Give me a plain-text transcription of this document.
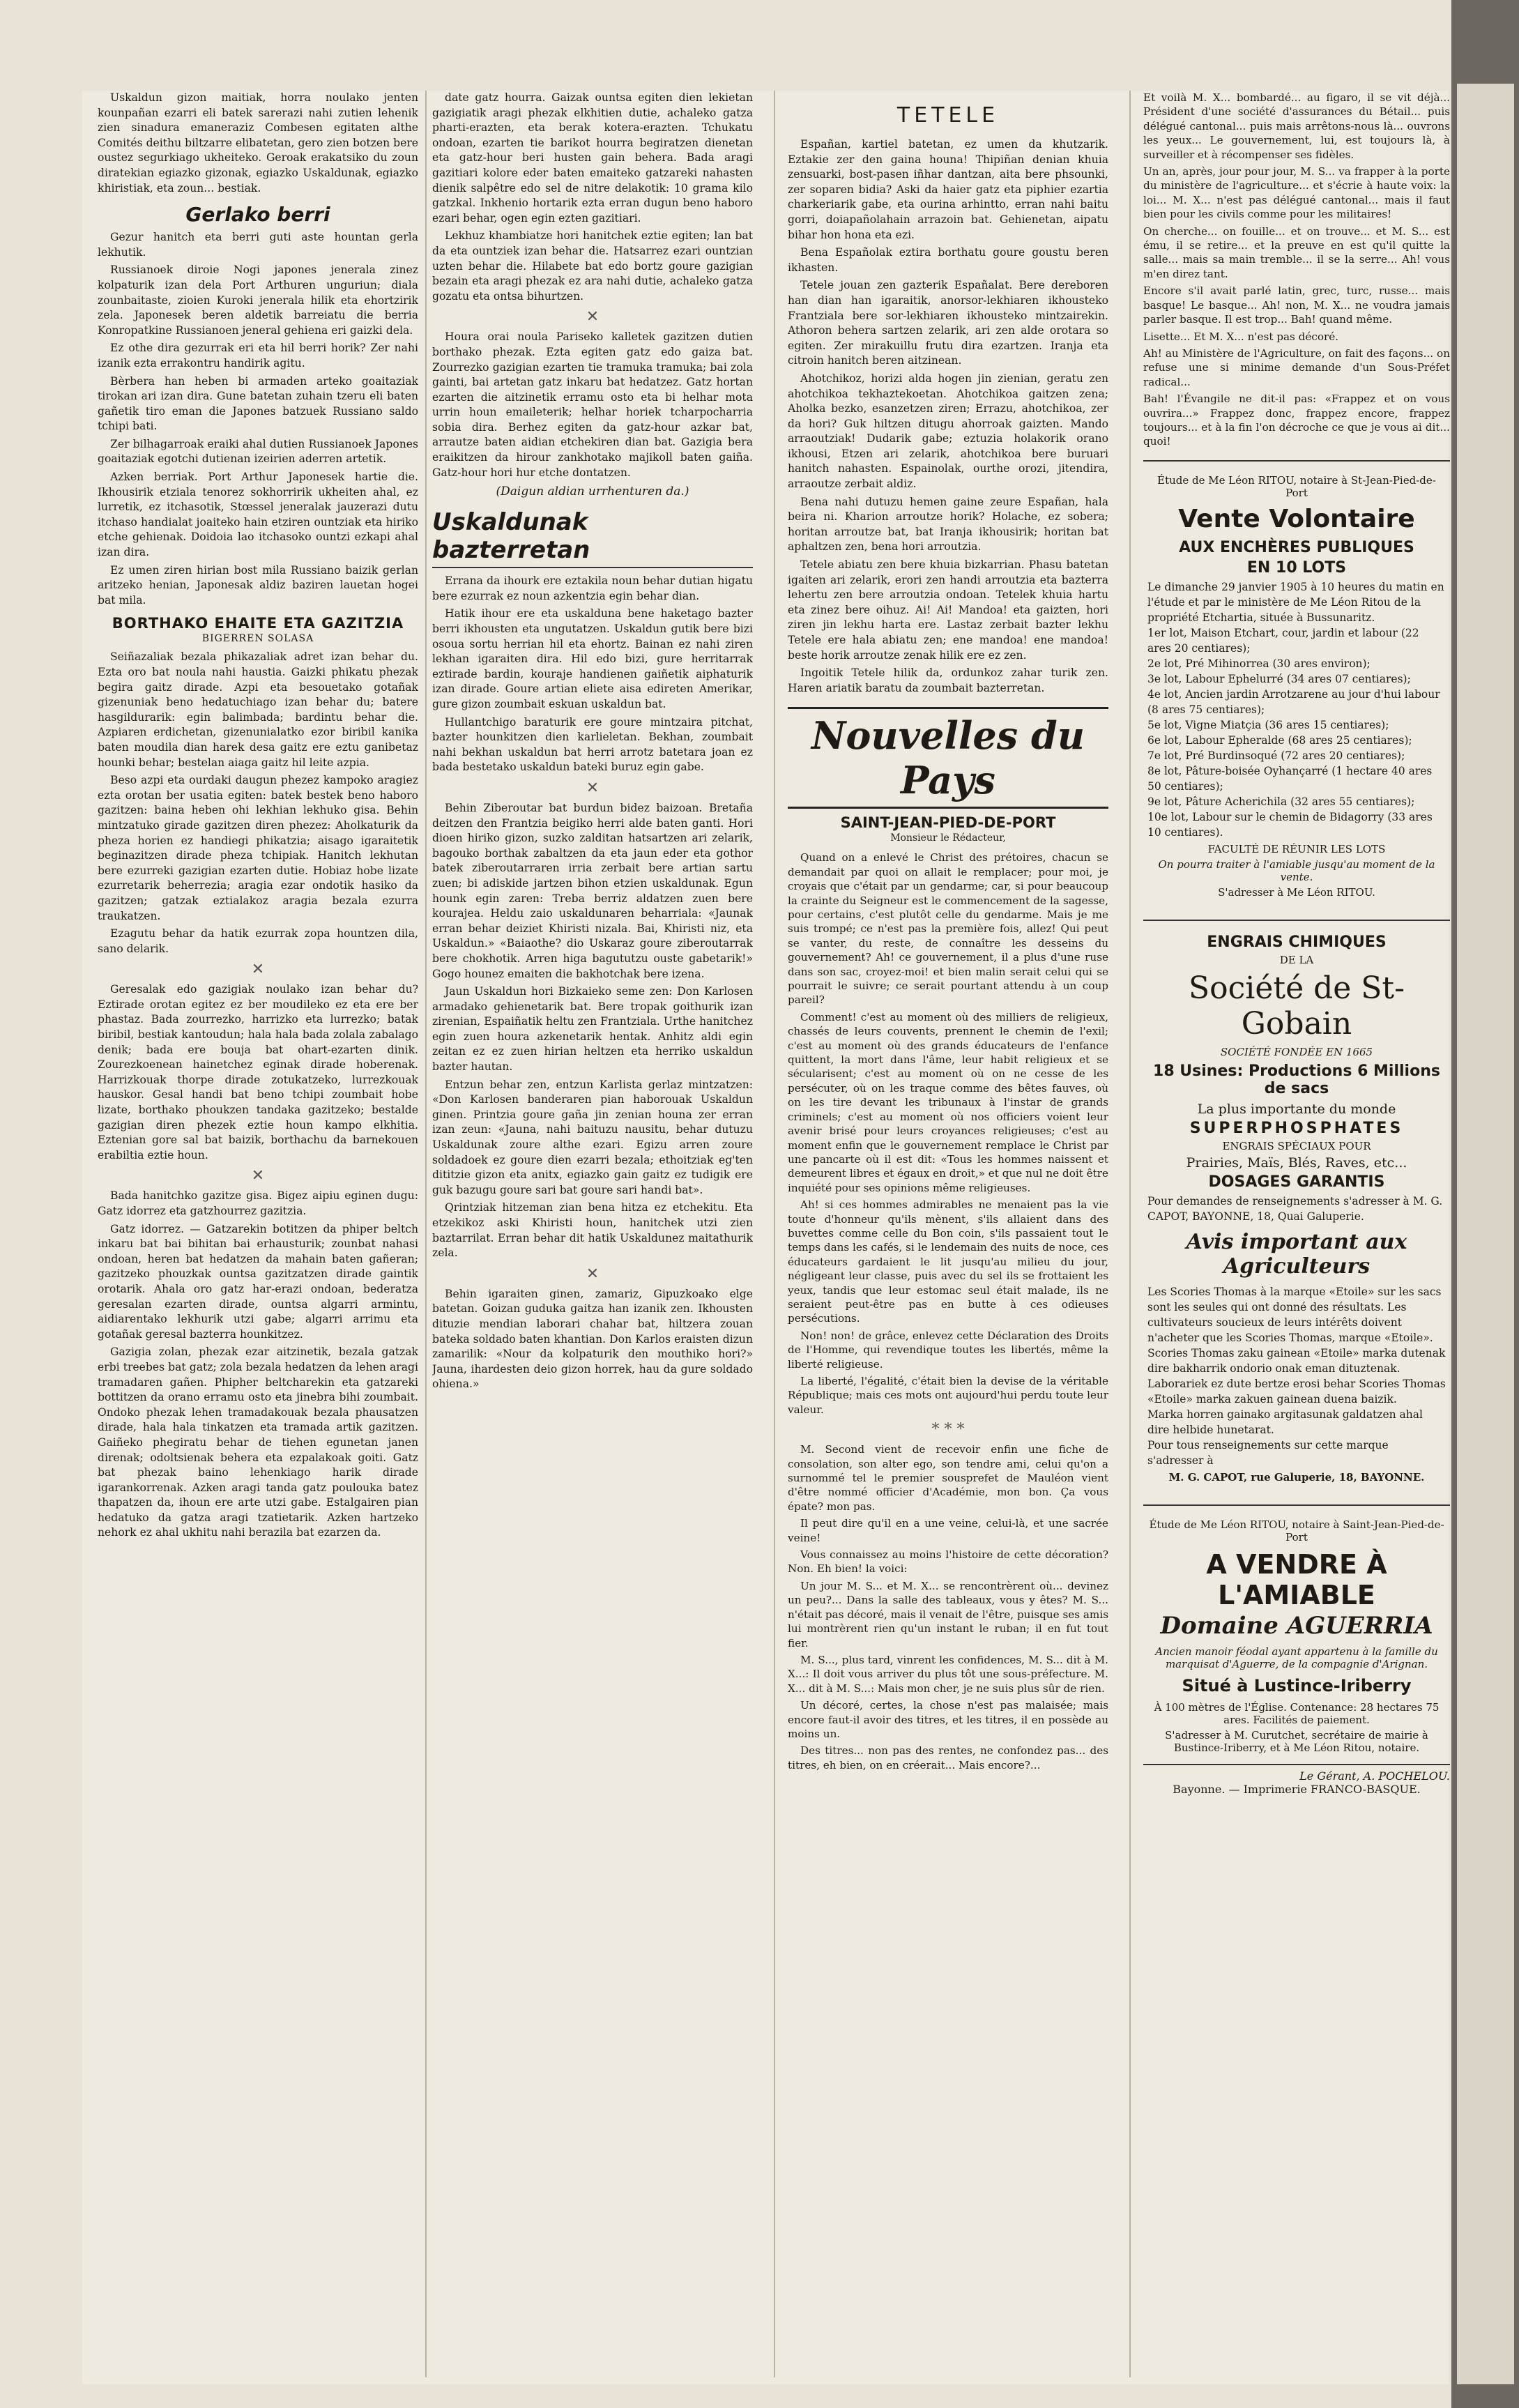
Uskaldun gizon maitiak, horra noulako jenten kounpañan ezarri eli batek sarerazi nahi zutien lehenik zien sinadura emaneraziz Combesen egitaten althe Comités deithu biltzarre elibatetan, gero zien botzen bere oustez segurkiago ukheiteko. Geroak erakatsiko du zoun diratekian egiazko gizonak, egiazko Uskaldunak, egiazko khiristiak, eta zoun... bestiak.

Gerlako berri

Gezur hanitch eta berri guti aste hountan gerla lekhutik.

Russianoek diroie Nogi japones jenerala zinez kolpaturik izan dela Port Arthuren unguriun; diala zounbaitaste, zioien Kuroki jenerala hilik eta ehortzirik zela. Japonesek beren aldetik barreiatu die berria Konropatkine Russianoen jeneral gehiena eri gaizki dela.

Ez othe dira gezurrak eri eta hil berri horik? Zer nahi izanik ezta errakontru handirik agitu.

Bèrbera han heben bi armaden arteko goaitaziak tirokan ari izan dira. Gune batetan zuhain tzeru eli baten gañetik tiro eman die Japones batzuek Russiano saldo tchipi bati.

Zer bilhagarroak eraiki ahal dutien Russianoek Japones goaitaziak egotchi dutienan izeirien aderren artetik.

Azken berriak. Port Arthur Japonesek hartie die. Ikhousirik etziala tenorez sokhorririk ukheiten ahal, ez lurretik, ez itchasotik, Stœssel jeneralak jauzerazi dutu itchaso handialat joaiteko hain etziren ountziak eta hiriko etche gehienak. Doidoia lao itchasoko ountzi ezkapi ahal izan dira.

Ez umen ziren hirian bost mila Russiano baizik gerlan aritzeko henian, Japonesak aldiz baziren lauetan hogei bat mila.

BORTHAKO EHAITE ETA GAZITZIA
BIGERREN SOLASA

Seiñazaliak bezala phikazaliak adret izan behar du. Ezta oro bat noula nahi haustia. Gaizki phikatu phezak begira gaitz dirade. Azpi eta besouetako gotañak gizenuniak beno hedatuchiago izan behar du; batere hasgildurarik: egin balimbada; bardintu behar die. Azpiaren erdichetan, gizenunialatko ezor biribil kanika baten moudila dian harek desa gaitz ere eztu ganibetaz hounki behar; bestelan aiaga gaitz hil leite azpia.

Beso azpi eta ourdaki daugun phezez kampoko aragiez ezta orotan ber usatia egiten: batek bestek beno haboro gazitzen: baina heben ohi lekhian lekhuko gisa. Behin mintzatuko girade gazitzen diren phezez: Aholkaturik da pheza horien ez handiegi phikatzia; aisago igaraitetik beginazitzen dirade pheza tchipiak. Hanitch lekhutan bere ezurreki gazigian ezarten dutie. Hobiaz hobe lizate ezurretarik beherrezia; aragia ezar ondotik hasiko da gazitzen; gatzak eztialakoz aragia bezala ezurra traukatzen.

Ezagutu behar da hatik ezurrak zopa hountzen dila, sano delarik.

✕

Geresalak edo gazigiak noulako izan behar du? Eztirade orotan egitez ez ber moudileko ez eta ere ber phastaz. Bada zourrezko, harrizko eta lurrezko; batak biribil, bestiak kantoudun; hala hala bada zolala zabalago denik; bada ere bouja bat ohart-ezarten dinik. Zourezkoenean hainetchez eginak dirade hoberenak. Harrizkouak thorpe dirade zotukatzeko, lurrezkouak hauskor. Gesal handi bat beno tchipi zoumbait hobe lizate, borthako phoukzen tandaka gazitzeko; bestalde gazigian diren phezek eztie houn kampo elkhitia. Eztenian gore sal bat baizik, borthachu da barnekouen erabiltia eztie houn.

✕

Bada hanitchko gazitze gisa. Bigez aipiu eginen dugu: Gatz idorrez eta gatzhourrez gazitzia.

Gatz idorrez. — Gatzarekin botitzen da phiper beltch inkaru bat bai bihitan bai erhausturik; zounbat nahasi ondoan, heren bat hedatzen da mahain baten gañeran; gazitzeko phouzkak ountsa gazitzatzen dirade gaintik orotarik. Ahala oro gatz har-erazi ondoan, bederatza geresalan ezarten dirade, ountsa algarri armintu, aidiarentako lekhurik utzi gabe; algarri arrimu eta gotañak geresal bazterra hounkitzez.

Gazigia zolan, phezak ezar aitzinetik, bezala gatzak erbi treebes bat gatz; zola bezala hedatzen da lehen aragi tramadaren gañen. Phipher beltcharekin eta gatzareki bottitzen da orano erramu osto eta jinebra bihi zoumbait. Ondoko phezak lehen tramadakouak bezala phausatzen dirade, hala hala tinkatzen eta tramada artik gazitzen. Gaiñeko phegiratu behar de tiehen egunetan janen direnak; odoltsienak behera eta ezpalakoak goiti. Gatz bat phezak baino lehenkiago harik dirade igarankorrenak. Azken aragi tanda gatz poulouka batez thapatzen da, ihoun ere arte utzi gabe. Estalgairen pian hedatuko da gatza aragi tzatietarik. Azken hartzeko nehork ez ahal ukhitu nahi berazila bat ezarzen da.

date gatz hourra. Gaizak ountsa egiten dien lekietan gazigiatik aragi phezak elkhitien dutie, achaleko gatza pharti-erazten, eta berak kotera-erazten. Tchukatu ondoan, ezarten tie barikot hourra begiratzen dienetan eta gatz-hour beri husten gain behera. Bada aragi gazitiari kolore eder baten emaiteko gatzareki nahasten dienik salpêtre edo sel de nitre delakotik: 10 grama kilo gatzkal. Inkhenio hortarik ezta erran dugun beno haboro ezari behar, ogen egin ezten gazitiari.

Lekhuz khambiatze hori hanitchek eztie egiten; lan bat da eta ountziek izan behar die. Hatsarrez ezari ountzian uzten behar die. Hilabete bat edo bortz goure gazigian bezain eta aragi phezak ez ara nahi dutie, achaleko gatza gozatu eta ontsa bihurtzen.

✕

Houra orai noula Pariseko kalletek gazitzen dutien borthako phezak. Ezta egiten gatz edo gaiza bat. Zourrezko gazigian ezarten tie tramuka tramuka; bai zola gainti, bai artetan gatz inkaru bat hedatzez. Gatz hortan ezarten die aitzinetik erramu osto eta bi helhar mota urrin houn emaileterik; helhar horiek tcharpocharria sobia dira. Berhez egiten da gatz-hour azkar bat, arrautze baten aidian etchekiren dian bat. Gazigia bera eraikitzen da hirour zankhotako majikoll baten gaiña. Gatz-hour hori hur etche dontatzen.

(Daigun aldian urrhenturen da.)
Uskaldunak bazterretan

Errana da ihourk ere eztakila noun behar dutian higatu bere ezurrak ez noun azkentzia egin behar dian.

Hatik ihour ere eta uskalduna bene haketago bazter berri ikhousten eta ungutatzen. Uskaldun gutik bere bizi osoua sortu herrian hil eta ehortz. Bainan ez nahi ziren lekhan igaraiten dira. Hil edo bizi, gure herritarrak eztirade bardin, kouraje handienen gaiñetik aiphaturik izan dirade. Goure artian eliete aisa edireten Amerikar, gure gizon zoumbait eskuan uskaldun bat.

Hullantchigo baraturik ere goure mintzaira pitchat, bazter hounkitzen dien karlieletan. Bekhan, zoumbait nahi bekhan uskaldun bat herri arrotz batetara joan ez bada bestetako uskaldun bateki buruz egin gabe.

✕

Behin Ziberoutar bat burdun bidez baizoan. Bretaña deitzen den Frantzia beigiko herri alde baten ganti. Hori dioen hiriko gizon, suzko zalditan hatsartzen ari zelarik, bagouko borthak zabaltzen da eta jaun eder eta gothor batek ziberoutarraren irria zerbait bere artian sartu zuen; bi adiskide jartzen bihon etzien uskaldunak. Egun hounk egin zaren: Treba berriz aldatzen zuen bere kourajea. Heldu zaio uskaldunaren beharriala: «Jaunak erran behar deiziet Khiristi nizala. Bai, Khiristi niz, eta Uskaldun.» «Baiaothe? dio Uskaraz goure ziberoutarrak bere chokhotik. Arren higa bagututzu ouste gabetarik!» Gogo hounez emaiten die bakhotchak bere izena.

Jaun Uskaldun hori Bizkaieko seme zen: Don Karlosen armadako gehienetarik bat. Bere tropak goithurik izan zirenian, Espaiñatik heltu zen Frantziala. Urthe hanitchez egin zuen houra azkenetarik hentak. Anhitz aldi egin zeitan ez ez zuen hirian heltzen eta herriko uskaldun bazter hautan.

Entzun behar zen, entzun Karlista gerlaz mintzatzen: «Don Karlosen banderaren pian haborouak Uskaldun ginen. Printzia goure gaña jin zenian houna zer erran izan zeun: «Jauna, nahi baituzu nausitu, behar dutuzu Uskaldunak zoure althe ezari. Egizu arren zoure soldadoek ez goure dien ezarri bezala; ethoitziak eg'ten dititzie gizon eta anitx, egiazko gain gaitz ez tudigik ere guk bazugu goure sari bat goure sari handi bat».

Qrintziak hitzeman zian bena hitza ez etchekitu. Eta etzekikoz aski Khiristi houn, hanitchek utzi zien baztarrilat. Erran behar dit hatik Uskaldunez maitathurik zela.

✕

Behin igaraiten ginen, zamariz, Gipuzkoako elge batetan. Goizan guduka gaitza han izanik zen. Ikhousten dituzie mendian laborari chahar bat, hiltzera zouan bateka soldado baten khantian. Don Karlos eraisten dizun zamarilik: «Nour da kolpaturik den mouthiko hori?» Jauna, ihardesten deio gizon horrek, hau da gure soldado ohiena.»

TETELE

Españan, kartiel batetan, ez umen da khutzarik. Eztakie zer den gaina houna! Thipiñan denian khuia zensuarki, bost-pasen iñhar dantzan, aita bere phsounki, zer soparen bidia? Aski da haier gatz eta piphier ezartia charkeriarik gabe, eta ourina arhintto, erran nahi baitu gorri, doiapañolahain arrazoin bat. Gehienetan, aipatu bihar hon hona eta ezi.

Bena Españolak eztira borthatu goure goustu beren ikhasten.

Tetele jouan zen gazterik Españalat. Bere dereboren han dian han igaraitik, anorsor-lekhiaren ikhousteko Frantziala bere sor-lekhiaren ikhousteko mintzairekin. Athoron behera sartzen zelarik, ari zen alde orotara so egiten. Zer mirakuillu frutu dira ezartzen. Iranja eta citroin hanitch beren aitzinean.

Ahotchikoz, horizi alda hogen jin zienian, geratu zen ahotchikoa tekhaztekoetan. Ahotchikoa gaitzen zena; Aholka bezko, esanzetzen ziren; Errazu, ahotchikoa, zer da hori? Guk hiltzen ditugu ahorroak gaizten. Mando arraoutziak! Dudarik gabe; eztuzia holakorik orano ikhousi, Etzen ari zelarik, ahotchikoa bere buruari hanitch nahasten. Espainolak, ourthe orozi, jitendira, arraoutze zerbait aldiz.

Bena nahi dutuzu hemen gaine zeure Españan, hala beira ni. Kharion arroutze horik? Holache, ez sobera; horitan arroutze bat, bat Iranja ikhousirik; horitan bat aphaltzen zen, bena hori arroutzia.

Tetele abiatu zen bere khuia bizkarrian. Phasu batetan igaiten ari zelarik, erori zen handi arroutzia eta bazterra lehertu zen bere arroutzia ondoan. Tetelek khuia hartu eta zinez bere oihuz. Ai! Ai! Mandoa! eta gaizten, hori ziren jin lekhu harta ere. Lastaz zerbait bazter lekhu Tetele ere hala abiatu zen; ene mandoa! ene mandoa! beste horik arroutze zenak hilik ere ez zen.

Ingoitik Tetele hilik da, ordunkoz zahar turik zen. Haren ariatik baratu da zoumbait bazterretan.

Nouvelles du Pays
SAINT-JEAN-PIED-DE-PORT
Monsieur le Rédacteur,

Quand on a enlevé le Christ des prétoires, chacun se demandait par quoi on allait le remplacer; pour moi, je croyais que c'était par un gendarme; car, si pour beaucoup la crainte du Seigneur est le commencement de la sagesse, pour certains, c'est plutôt celle du gendarme. Mais je me suis trompé; ce n'est pas la première fois, allez! Qui peut se vanter, du reste, de connaître les desseins du gouvernement? Ah! ce gouvernement, il a plus d'une ruse dans son sac, croyez-moi! et bien malin serait celui qui se pourrait le suivre; ce serait pourtant attendu à un coup pareil?

Comment! c'est au moment où des milliers de religieux, chassés de leurs couvents, prennent le chemin de l'exil; c'est au moment où des grands éducateurs de l'enfance quittent, la mort dans l'âme, leur habit religieux et se sécularisent; c'est au moment où on ne cesse de les persécuter, où on les traque comme des bêtes fauves, où on les tire devant les tribunaux à l'instar de grands criminels; c'est au moment où nos officiers voient leur avenir brisé pour leurs croyances religieuses; c'est au moment enfin que le gouvernement remplace le Christ par une pancarte où il est dit: «Tous les hommes naissent et demeurent libres et égaux en droit,» et que nul ne doit être inquiété pour ses opinions même religieuses.

Ah! si ces hommes admirables ne menaient pas la vie toute d'honneur qu'ils mènent, s'ils allaient dans des buvettes comme celle du Bon coin, s'ils passaient tout le temps dans les cafés, si le lendemain des nuits de noce, ces éducateurs gardaient le lit jusqu'au milieu du jour, négligeant leur classe, puis avec du sel ils se frottaient les yeux, tandis que leur estomac seul était malade, ils ne seraient peut-être pas en butte à ces odieuses persécutions.

Non! non! de grâce, enlevez cette Déclaration des Droits de l'Homme, qui revendique toutes les libertés, même la liberté religieuse.

La liberté, l'égalité, c'était bien la devise de la véritable République; mais ces mots ont aujourd'hui perdu toute leur valeur.

* * *

M. Second vient de recevoir enfin une fiche de consolation, son alter ego, son tendre ami, celui qu'on a surnommé tel le premier sousprefet de Mauléon vient d'être nommé officier d'Académie, mon bon. Ça vous épate? mon pas.

Il peut dire qu'il en a une veine, celui-là, et une sacrée veine!

Vous connaissez au moins l'histoire de cette décoration? Non. Eh bien! la voici:

Un jour M. S... et M. X... se rencontrèrent où... devinez un peu?... Dans la salle des tableaux, vous y êtes? M. S... n'était pas décoré, mais il venait de l'être, puisque ses amis lui montrèrent rien qu'un instant le ruban; il en fut tout fier.

M. S..., plus tard, vinrent les confidences, M. S... dit à M. X...: Il doit vous arriver du plus tôt une sous-préfecture. M. X... dit à M. S...: Mais mon cher, je ne suis plus sûr de rien.

Un décoré, certes, la chose n'est pas malaisée; mais encore faut-il avoir des titres, et les titres, il en possède au moins un.

Des titres... non pas des rentes, ne confondez pas... des titres, eh bien, on en créerait... Mais encore?...

Et voilà M. X... bombardé... au figaro, il se vit déjà... Président d'une société d'assurances du Bétail... puis délégué cantonal... puis mais arrêtons-nous là... ouvrons les yeux... Le gouvernement, lui, est toujours là, à surveiller et à récompenser ses fidèles.

Un an, après, jour pour jour, M. S... va frapper à la porte du ministère de l'agriculture... et s'écrie à haute voix: la loi... M. X... n'est pas délégué cantonal... mais il faut bien pour les civils comme pour les militaires!

On cherche... on fouille... et on trouve... et M. S... est ému, il se retire... et la preuve en est qu'il quitte la salle... mais sa main tremble... il se la serre... Ah! vous m'en direz tant.

Encore s'il avait parlé latin, grec, turc, russe... mais basque! Le basque... Ah! non, M. X... ne voudra jamais parler basque. Il est trop... Bah! quand même.

Lisette... Et M. X... n'est pas décoré.

Ah! au Ministère de l'Agriculture, on fait des façons... on refuse une si minime demande d'un Sous-Préfet radical...

Bah! l'Évangile ne dit-il pas: «Frappez et on vous ouvrira...» Frappez donc, frappez encore, frappez toujours... et à la fin l'on décroche ce que je vous ai dit... quoi!

Étude de Me Léon RITOU, notaire à St-Jean-Pied-de-Port
Vente Volontaire
AUX ENCHÈRES PUBLIQUES
EN 10 LOTS

Le dimanche 29 janvier 1905 à 10 heures du matin en l'étude et par le ministère de Me Léon Ritou de la propriété Etchartia, située à Bussunaritz.

1er lot, Maison Etchart, cour, jardin et labour (22 ares 20 centiares);

2e lot, Pré Mihinorrea (30 ares environ);

3e lot, Labour Ephelurré (34 ares 07 centiares);

4e lot, Ancien jardin Arrotzarene au jour d'hui labour (8 ares 75 centiares);

5e lot, Vigne Miatçia (36 ares 15 centiares);

6e lot, Labour Epheralde (68 ares 25 centiares);

7e lot, Pré Burdinsoqué (72 ares 20 centiares);

8e lot, Pâture-boisée Oyhançarré (1 hectare 40 ares 50 centiares);

9e lot, Pâture Acherichila (32 ares 55 centiares);

10e lot, Labour sur le chemin de Bidagorry (33 ares 10 centiares).

FACULTÉ DE RÉUNIR LES LOTS
On pourra traiter à l'amiable jusqu'au moment de la vente.
S'adresser à Me Léon RITOU.
ENGRAIS CHIMIQUES
DE LA
Société de St-Gobain
SOCIÉTÉ FONDÉE EN 1665
18 Usines: Productions 6 Millions de sacs
La plus importante du monde
SUPERPHOSPHATES
ENGRAIS SPÉCIAUX POUR
Prairies, Maïs, Blés, Raves, etc...
DOSAGES GARANTIS

Pour demandes de renseignements s'adresser à M. G. CAPOT, BAYONNE, 18, Quai Galuperie.

Avis important aux Agriculteurs

Les Scories Thomas à la marque «Etoile» sur les sacs sont les seules qui ont donné des résultats. Les cultivateurs soucieux de leurs intérêts doivent n'acheter que les Scories Thomas, marque «Etoile».

Scories Thomas zaku gainean «Etoile» marka dutenak dire bakharrik ondorio onak eman dituztenak. Laborariek ez dute bertze erosi behar Scories Thomas «Etoile» marka zakuen gainean duena baizik.

Marka horren gainako argitasunak galdatzen ahal dire helbide hunetarat.

Pour tous renseignements sur cette marque s'adresser à

M. G. CAPOT, rue Galuperie, 18, BAYONNE.
Étude de Me Léon RITOU, notaire à Saint-Jean-Pied-de-Port
A VENDRE À L'AMIABLE
Domaine AGUERRIA
Ancien manoir féodal ayant appartenu à la famille du marquisat d'Aguerre, de la compagnie d'Arignan.
Situé à Lustince-Iriberry
À 100 mètres de l'Église. Contenance: 28 hectares 75 ares. Facilités de paiement.
S'adresser à M. Curutchet, secrétaire de mairie à Bustince-Iriberry, et à Me Léon Ritou, notaire.
Le Gérant, A. POCHELOU.
Bayonne. — Imprimerie FRANCO-BASQUE.
